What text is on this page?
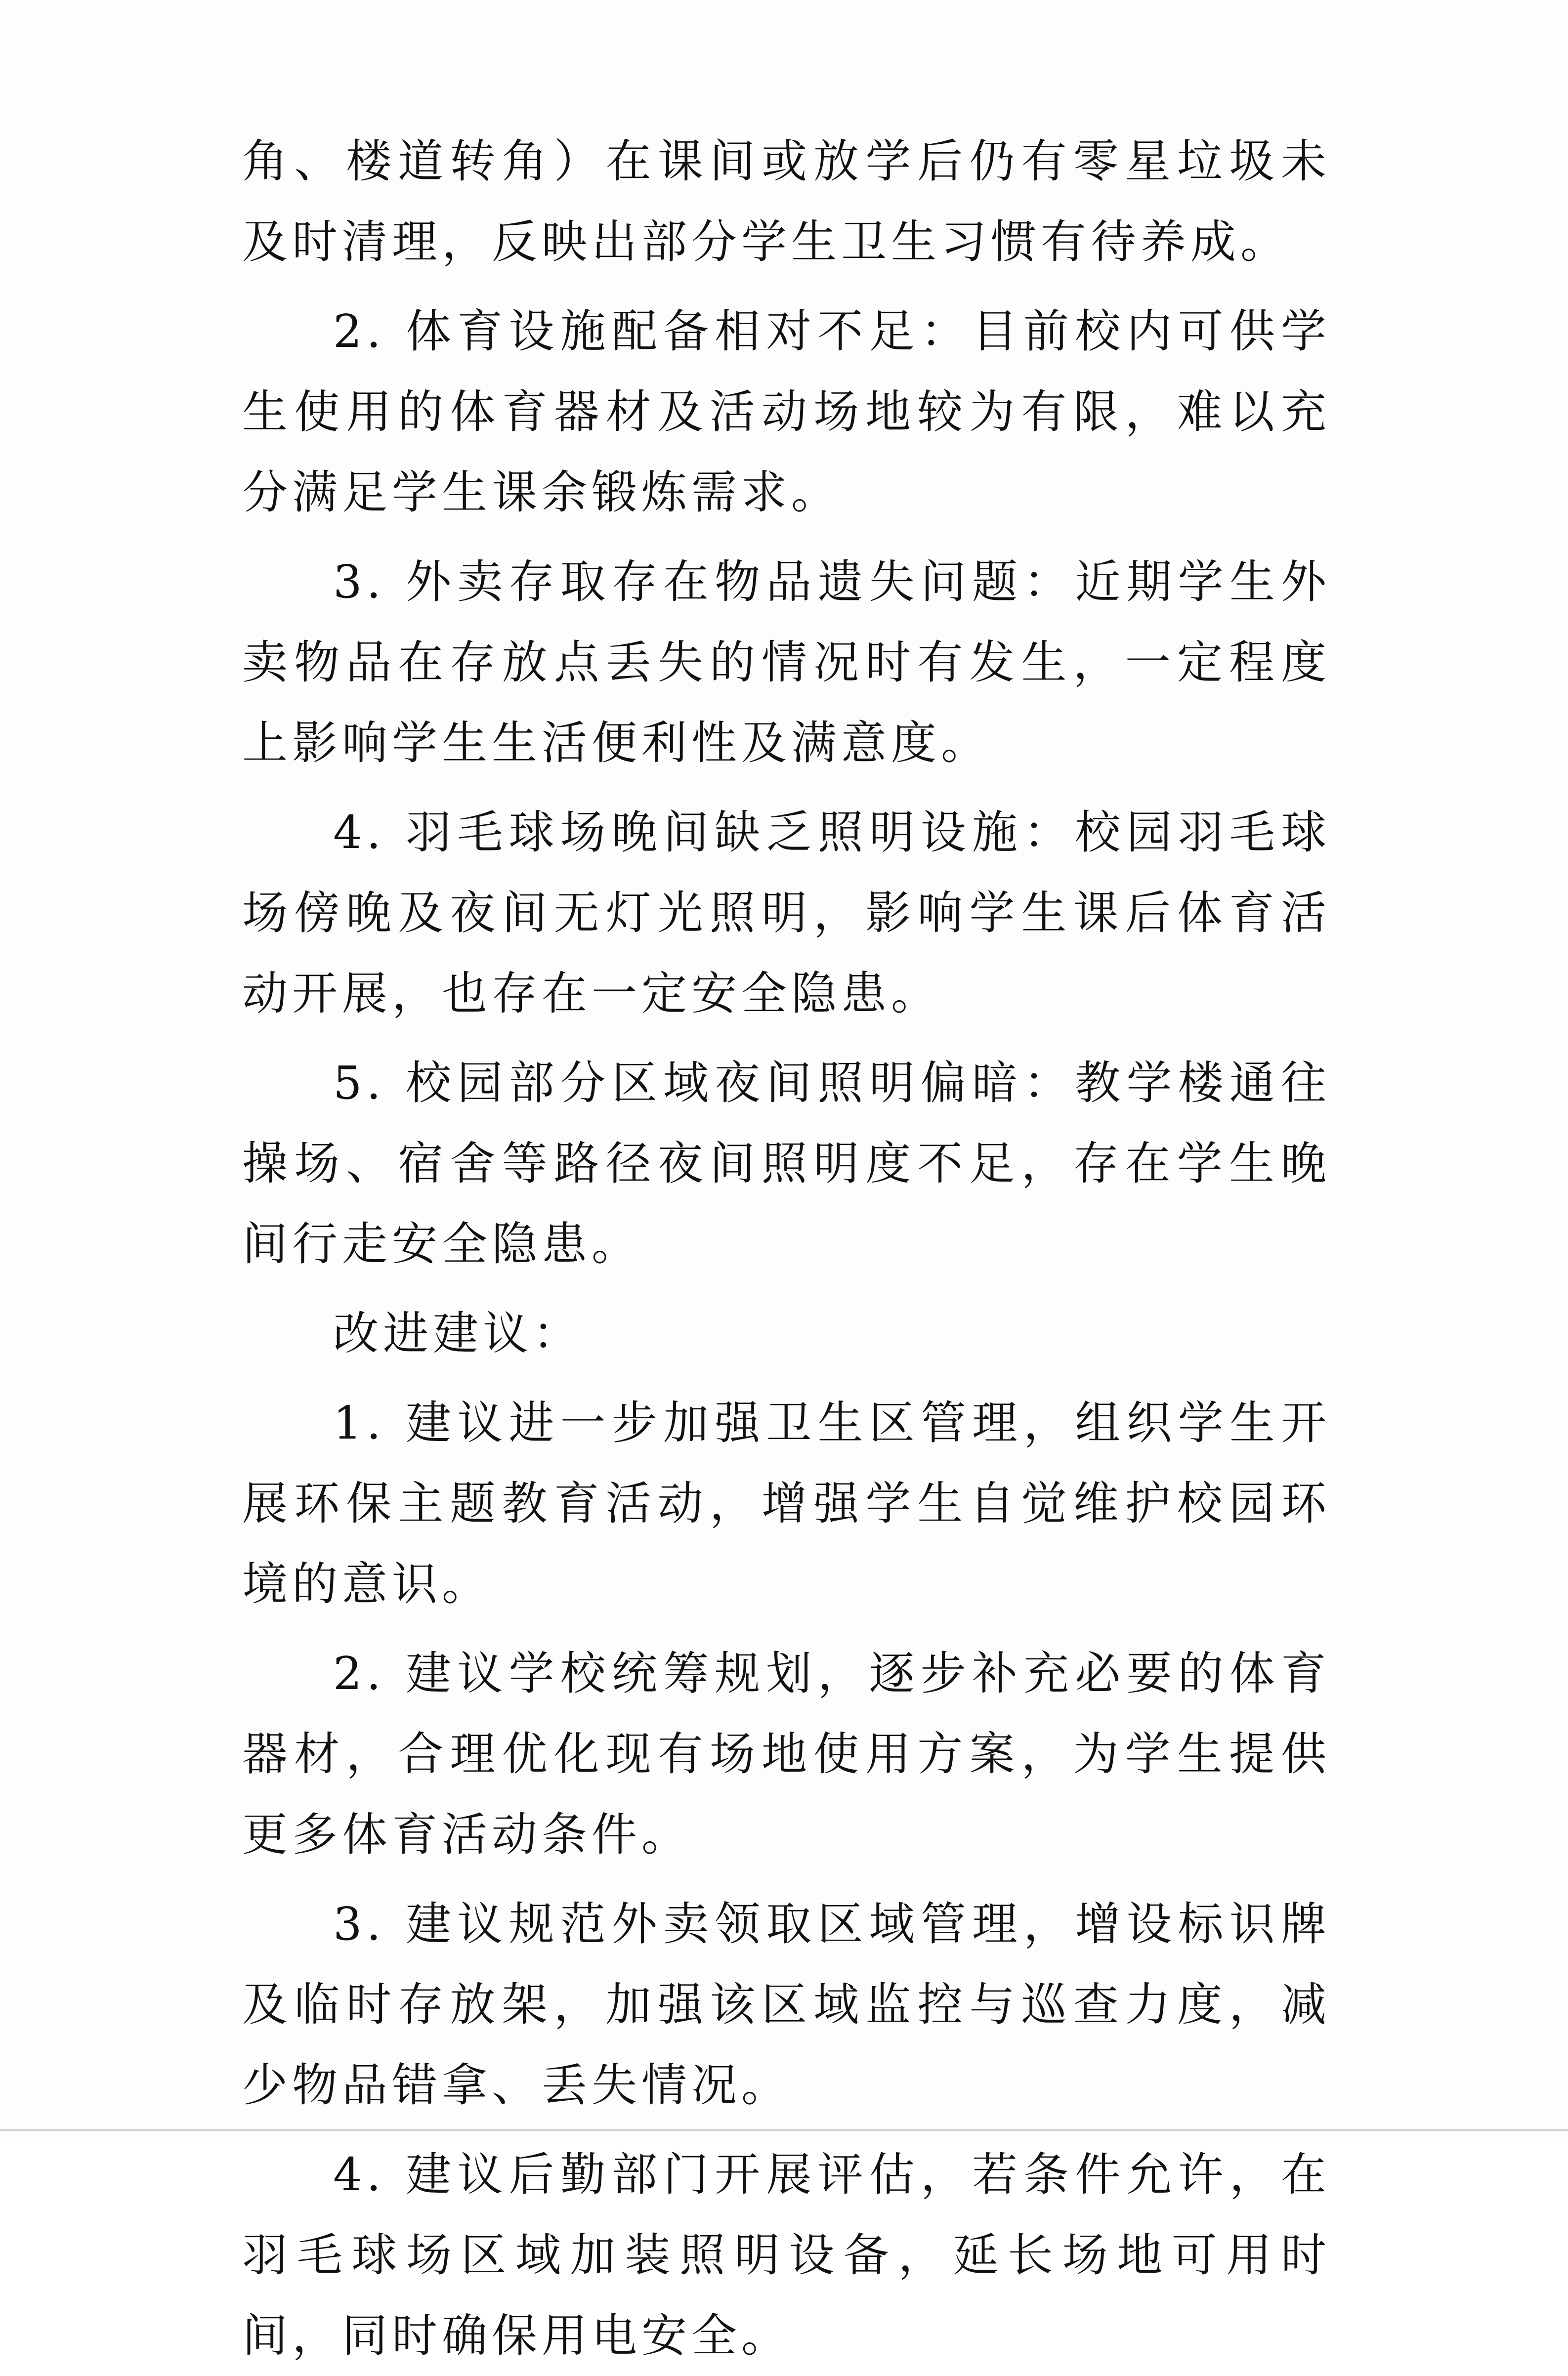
角、楼道转角）在课间或放学后仍有零星垃圾未及时清理，反映出部分学生卫生习惯有待养成。

2. 体育设施配备相对不足：目前校内可供学生使用的体育器材及活动场地较为有限，难以充分满足学生课余锻炼需求。

3. 外卖存取存在物品遗失问题：近期学生外卖物品在存放点丢失的情况时有发生，一定程度上影响学生生活便利性及满意度。

4. 羽毛球场晚间缺乏照明设施：校园羽毛球场傍晚及夜间无灯光照明，影响学生课后体育活动开展，也存在一定安全隐患。

5. 校园部分区域夜间照明偏暗：教学楼通往操场、宿舍等路径夜间照明度不足，存在学生晚间行走安全隐患。

改进建议：

1. 建议进一步加强卫生区管理，组织学生开展环保主题教育活动，增强学生自觉维护校园环境的意识。

2. 建议学校统筹规划，逐步补充必要的体育器材，合理优化现有场地使用方案，为学生提供更多体育活动条件。

3. 建议规范外卖领取区域管理，增设标识牌及临时存放架，加强该区域监控与巡查力度，减少物品错拿、丢失情况。

4. 建议后勤部门开展评估，若条件允许，在羽毛球场区域加装照明设备，延长场地可用时间，同时确保用电安全。
